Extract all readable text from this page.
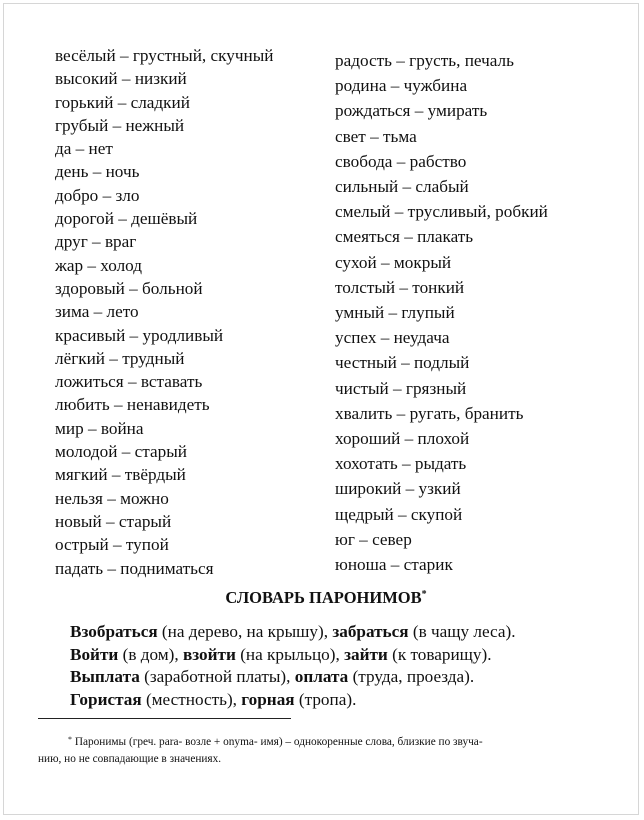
весёлый – грустный, скучный
высокий – низкий
горький – сладкий
грубый – нежный
да – нет
день – ночь
добро – зло
дорогой – дешёвый
друг – враг
жар – холод
здоровый – больной
зима – лето
красивый – уродливый
лёгкий – трудный
ложиться – вставать
любить – ненавидеть
мир – война
молодой – старый
мягкий – твёрдый
нельзя – можно
новый – старый
острый – тупой
падать – подниматься
радость – грусть, печаль
родина – чужбина
рождаться – умирать
свет – тьма
свобода – рабство
сильный – слабый
смелый – трусливый, робкий
смеяться – плакать
сухой – мокрый
толстый – тонкий
умный – глупый
успех – неудача
честный – подлый
чистый – грязный
хвалить – ругать, бранить
хороший – плохой
хохотать – рыдать
широкий – узкий
щедрый – скупой
юг – север
юноша – старик
СЛОВАРЬ ПАРОНИМОВ*
Взобраться (на дерево, на крышу), забраться (в чащу леса).
Войти (в дом), взойти (на крыльцо), зайти (к товарищу).
Выплата (заработной платы), оплата (труда, проезда).
Гористая (местность), горная (тропа).
* Паронимы (греч. para- возле + onyma- имя) – однокоренные слова, близкие по звуча-
нию, но не совпадающие в значениях.
